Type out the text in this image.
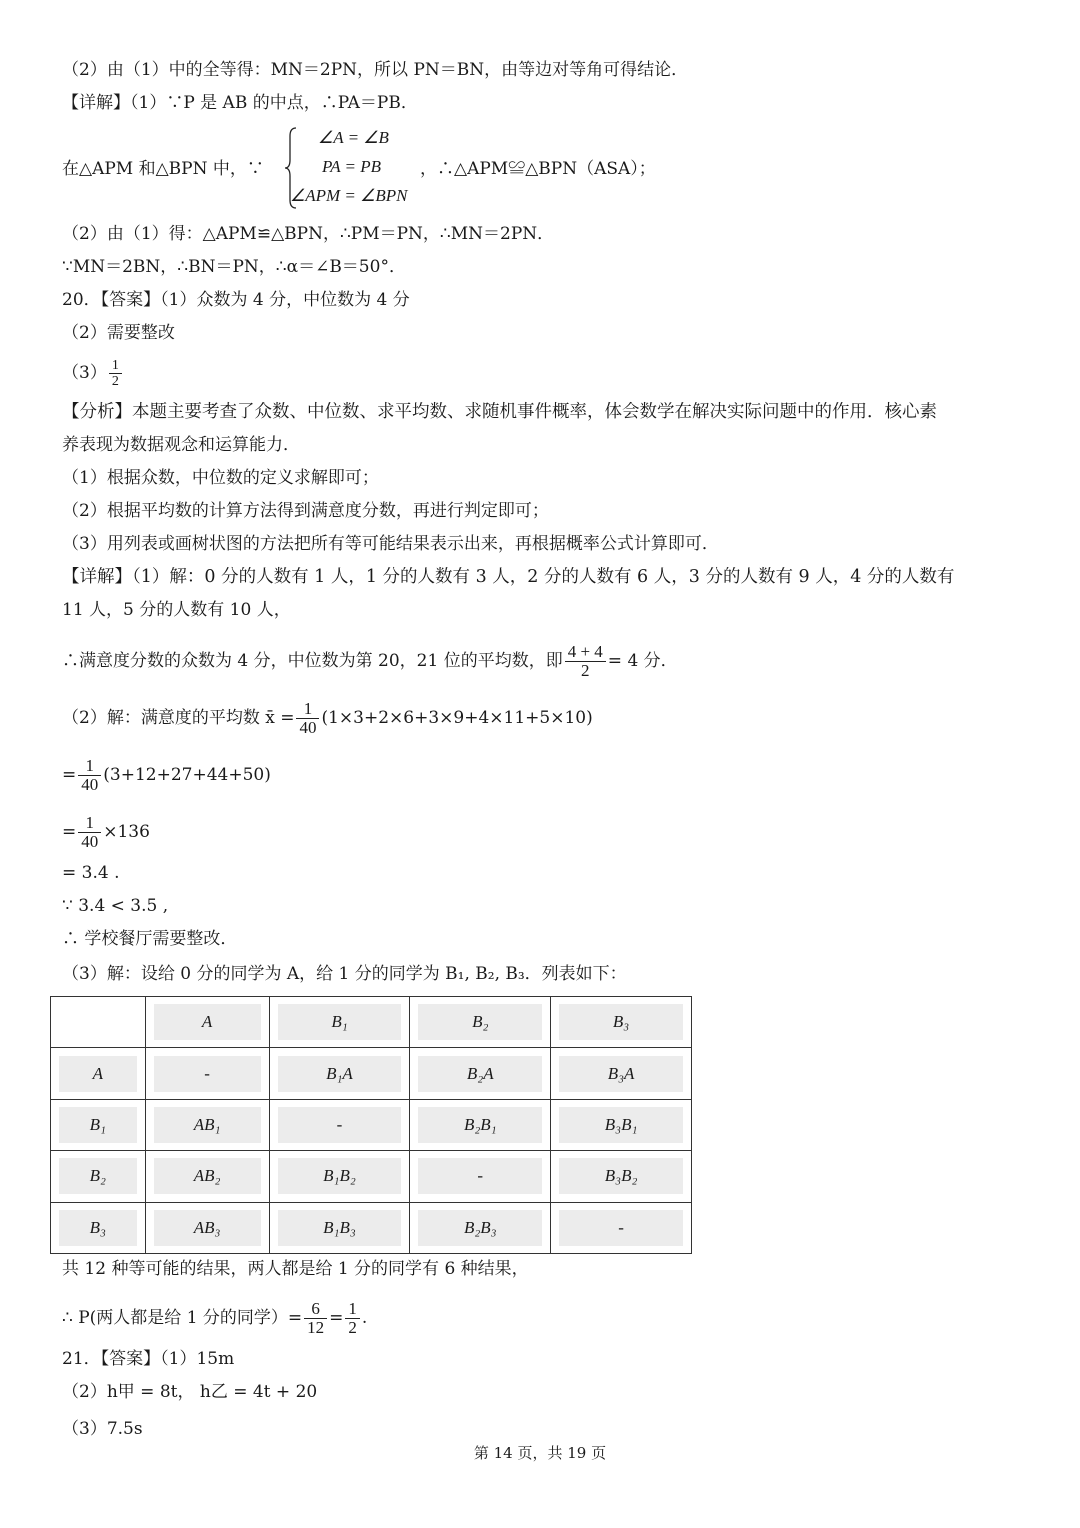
（2）由（1）中的全等得：MN＝2PN，所以 PN＝BN，由等边对等角可得结论．
【详解】（1）∵P 是 AB 的中点，∴PA＝PB．
在△APM 和△BPN 中，∵
∠A = ∠B
PA = PB
∠APM = ∠BPN
，∴△APM≌△BPN（ASA）；
（2）由（1）得：△APM≌△BPN，∴PM＝PN，∴MN＝2PN．
∵MN＝2BN，∴BN＝PN，∴α＝∠B＝50°．
20．【答案】（1）众数为 4 分，中位数为 4 分
（2）需要整改
$(3) \frac{1}{2}$
【分析】本题主要考查了众数、中位数、求平均数、求随机事件概率，体会数学在解决实际问题中的作用．核心素
养表现为数据观念和运算能力．
（1）根据众数，中位数的定义求解即可；
（2）根据平均数的计算方法得到满意度分数，再进行判定即可；
（3）用列表或画树状图的方法把所有等可能结果表示出来，再根据概率公式计算即可．
【详解】（1）解：0 分的人数有 1 人，1 分的人数有 3 人，2 分的人数有 6 人，3 分的人数有 9 人，4 分的人数有
11 人，5 分的人数有 10 人，
∴满意度分数的众数为 4 分，中位数为第 20，21 位的平均数，即 $\frac{4 + 4}{2} = 4$ 分．
（2）解：满意度的平均数 x̄ = $\frac{1}{40} (1\times 3+2\times 6+3\times 9+4\times 11+5\times 10)$
= $\frac{1}{40} (3+12+27+44+50)$
= $\frac{1}{40} \times 136$
= 3.4 .
∵ 3.4 < 3.5 ,
∴ 学校餐厅需要整改．
（3）解：设给 0 分的同学为 A，给 1 分的同学为 B₁, B₂, B₃．列表如下：

	A	B₁	B₂	B₃

A	-	B₁A	B₂A	B₃A

B₁	AB₁	-	B₂B₁	B₃B₁

B₂	AB₂	B₁B₂	-	B₃B₂

B₃	AB₃	B₁B₃	B₂B₃	-
共 12 种等可能的结果，两人都是给 1 分的同学有 6 种结果，
∴ P(两人都是给 1 分的同学）= $\frac{6}{12} = \frac{1}{2}$ .
21．【答案】（1）15m
（2）h甲 = 8t， h乙 = 4t + 20
（3）7.5s
第 14 页，共 19 页
